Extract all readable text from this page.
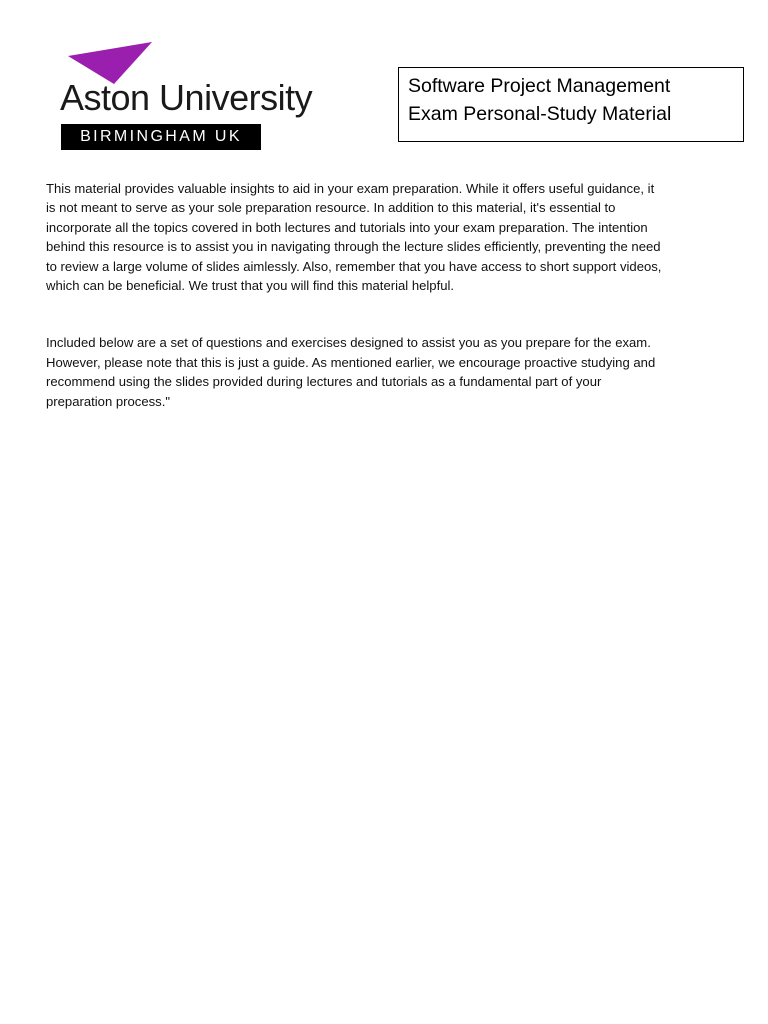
Aston University
BIRMINGHAM UK
Software Project Management
Exam Personal-Study Material

This material provides valuable insights to aid in your exam preparation. While it offers useful guidance, it
is not meant to serve as your sole preparation resource. In addition to this material, it's essential to
incorporate all the topics covered in both lectures and tutorials into your exam preparation. The intention
behind this resource is to assist you in navigating through the lecture slides efficiently, preventing the need
to review a large volume of slides aimlessly. Also, remember that you have access to short support videos,
which can be beneficial. We trust that you will find this material helpful.

Included below are a set of questions and exercises designed to assist you as you prepare for the exam.
However, please note that this is just a guide. As mentioned earlier, we encourage proactive studying and
recommend using the slides provided during lectures and tutorials as a fundamental part of your
preparation process."
